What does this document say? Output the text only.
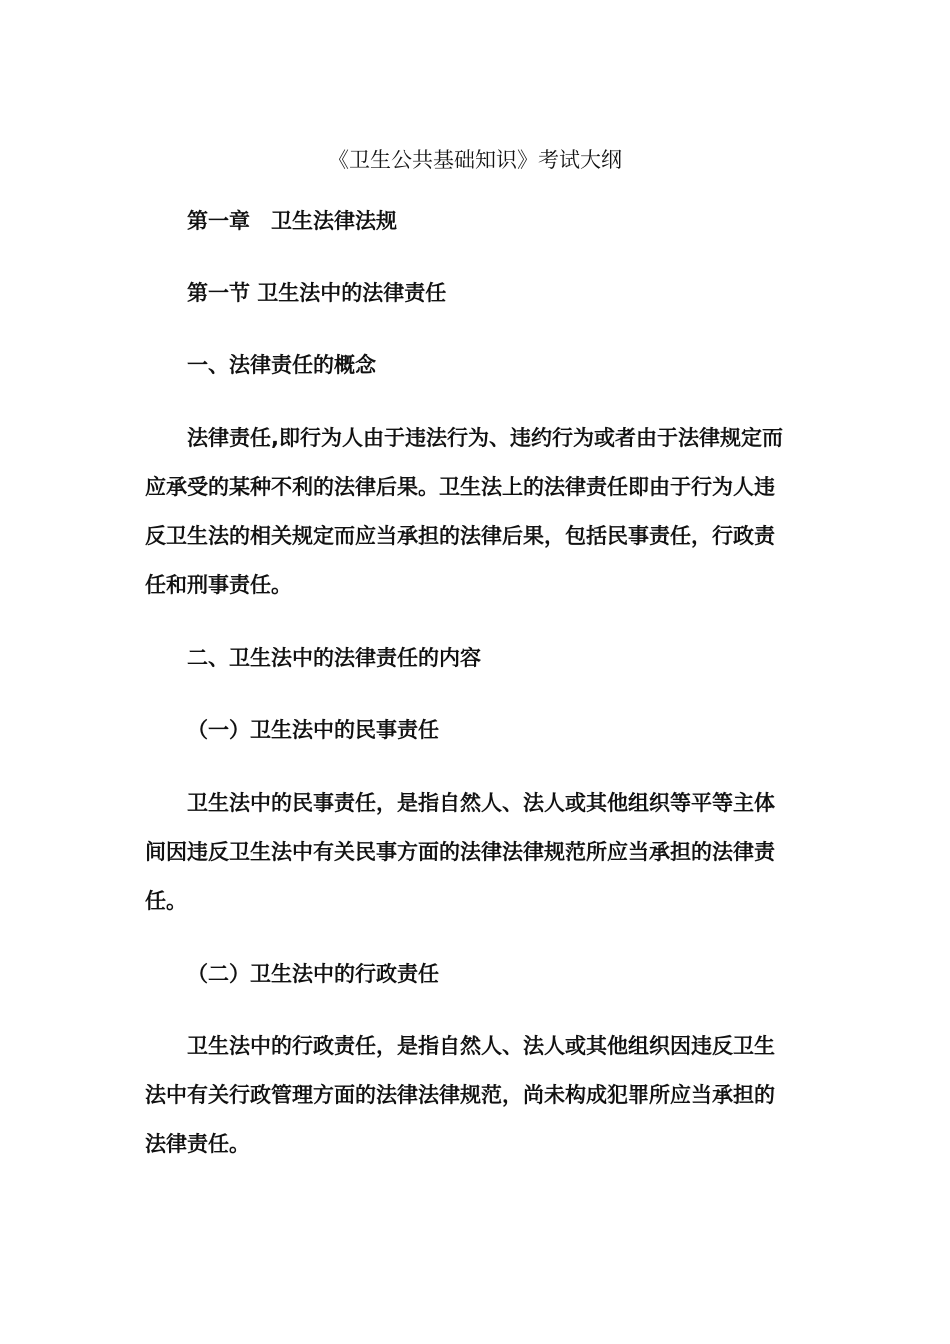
《卫生公共基础知识》考试大纲
第一章　卫生法律法规
第一节 卫生法中的法律责任
一、法律责任的概念
法律责任,即行为人由于违法行为、违约行为或者由于法律规定而
应承受的某种不利的法律后果。卫生法上的法律责任即由于行为人违
反卫生法的相关规定而应当承担的法律后果，包括民事责任，行政责
任和刑事责任。
二、卫生法中的法律责任的内容
（一）卫生法中的民事责任
卫生法中的民事责任，是指自然人、法人或其他组织等平等主体
间因违反卫生法中有关民事方面的法律法律规范所应当承担的法律责
任。
（二）卫生法中的行政责任
卫生法中的行政责任，是指自然人、法人或其他组织因违反卫生
法中有关行政管理方面的法律法律规范，尚未构成犯罪所应当承担的
法律责任。
